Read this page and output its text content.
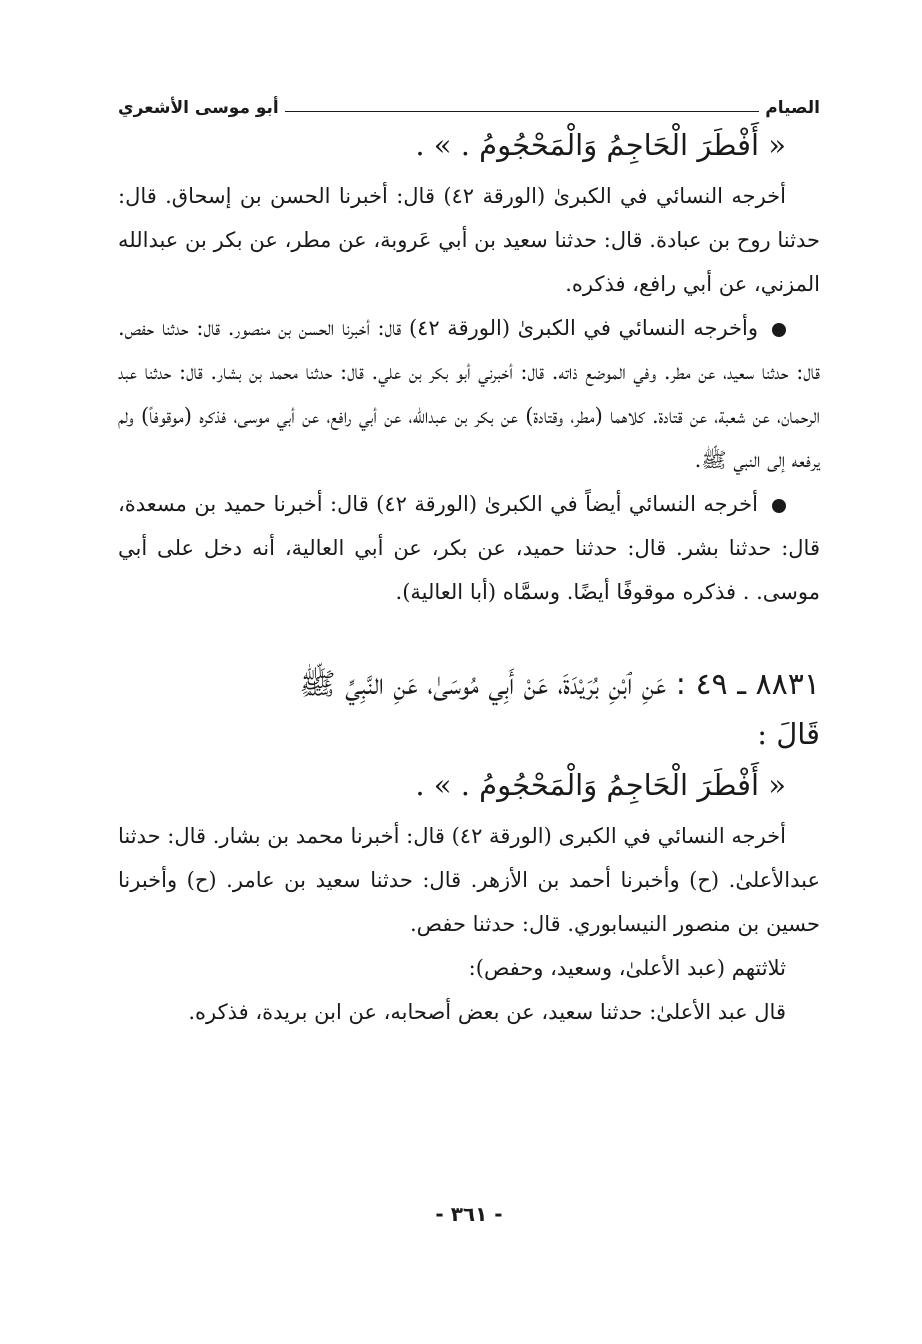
الصيام
أبو موسى الأشعري
« أَفْطَرَ الْحَاجِمُ وَالْمَحْجُومُ . » .

أخرجه النسائي في الكبرىٰ (الورقة ٤٢) قال: أخبرنا الحسن بن إسحاق. قال: حدثنا روح بن عبادة. قال: حدثنا سعيد بن أبي عَروبة، عن مطر، عن بكر بن عبدالله المزني، عن أبي رافع، فذكره.

وأخرجه النسائي في الكبرىٰ (الورقة ٤٢) قال: أخبرنا الحسن بن منصور. قال: حدثنا حفص. قال: حدثنا سعيد، عن مطر. وفي الموضع ذاته. قال: أخبرني أبو بكر بن علي. قال: حدثنا محمد بن بشار. قال: حدثنا عبد الرحمان، عن شعبة، عن قتادة. كلاهما (مطر، وقتادة) عن بكر بن عبدالله، عن أبي رافع، عن أبي موسى، فذكره (موقوفاً) ولم يرفعه إلى النبي ﷺ.

أخرجه النسائي أيضاً في الكبرىٰ (الورقة ٤٢) قال: أخبرنا حميد بن مسعدة، قال: حدثنا بشر. قال: حدثنا حميد، عن بكر، عن أبي العالية، أنه دخل على أبي موسى. . فذكره موقوفًا أيضًا. وسمَّاه (أبا العالية).

٨٨٣١ ـ ٤٩ : عَنِ ٱبْنِ بُرَيْدَةَ، عَنْ أَبِي مُوسَىٰ، عَنِ النَّبِيِّ ﷺ

قَالَ :

« أَفْطَرَ الْحَاجِمُ وَالْمَحْجُومُ . » .

أخرجه النسائي في الكبرى (الورقة ٤٢) قال: أخبرنا محمد بن بشار. قال: حدثنا عبدالأعلىٰ. (ح) وأخبرنا أحمد بن الأزهر. قال: حدثنا سعيد بن عامر. (ح) وأخبرنا حسين بن منصور النيسابوري. قال: حدثنا حفص.

ثلاثتهم (عبد الأعلىٰ، وسعيد، وحفص):

قال عبد الأعلىٰ: حدثنا سعيد، عن بعض أصحابه، عن ابن بريدة، فذكره.

- ٣٦١ -
